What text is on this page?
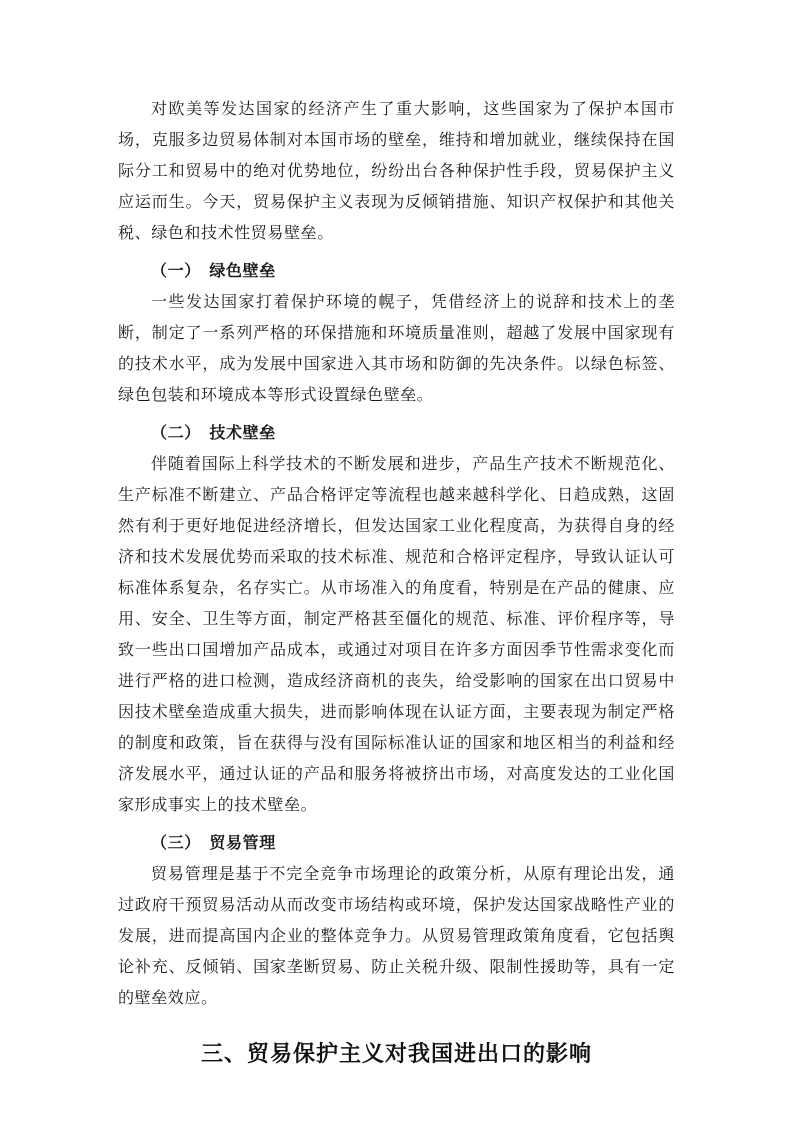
对欧美等发达国家的经济产生了重大影响，这些国家为了保护本国市场，克服多边贸易体制对本国市场的壁垒，维持和增加就业，继续保持在国际分工和贸易中的绝对优势地位，纷纷出台各种保护性手段，贸易保护主义应运而生。今天，贸易保护主义表现为反倾销措施、知识产权保护和其他关税、绿色和技术性贸易壁垒。

（一）　绿色壁垒

一些发达国家打着保护环境的幌子，凭借经济上的说辞和技术上的垄断，制定了一系列严格的环保措施和环境质量准则，超越了发展中国家现有的技术水平，成为发展中国家进入其市场和防御的先决条件。以绿色标签、绿色包装和环境成本等形式设置绿色壁垒。

（二）　技术壁垒

伴随着国际上科学技术的不断发展和进步，产品生产技术不断规范化、生产标准不断建立、产品合格评定等流程也越来越科学化、日趋成熟，这固然有利于更好地促进经济增长，但发达国家工业化程度高，为获得自身的经济和技术发展优势而采取的技术标准、规范和合格评定程序，导致认证认可标准体系复杂，名存实亡。从市场准入的角度看，特别是在产品的健康、应用、安全、卫生等方面，制定严格甚至僵化的规范、标准、评价程序等，导致一些出口国增加产品成本，或通过对项目在许多方面因季节性需求变化而进行严格的进口检测，造成经济商机的丧失，给受影响的国家在出口贸易中因技术壁垒造成重大损失，进而影响体现在认证方面，主要表现为制定严格的制度和政策，旨在获得与没有国际标准认证的国家和地区相当的利益和经济发展水平，通过认证的产品和服务将被挤出市场，对高度发达的工业化国家形成事实上的技术壁垒。

（三）　贸易管理

贸易管理是基于不完全竞争市场理论的政策分析，从原有理论出发，通过政府干预贸易活动从而改变市场结构或环境，保护发达国家战略性产业的发展，进而提高国内企业的整体竞争力。从贸易管理政策角度看，它包括舆论补充、反倾销、国家垄断贸易、防止关税升级、限制性援助等，具有一定的壁垒效应。

三、贸易保护主义对我国进出口的影响
